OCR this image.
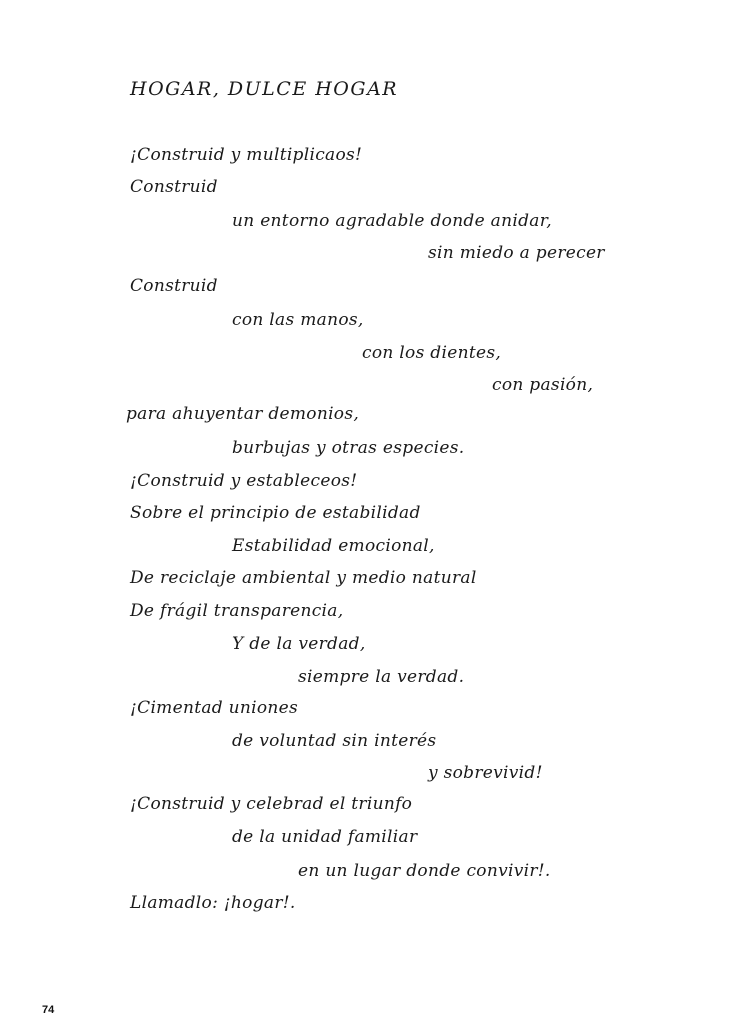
HOGAR, DULCE HOGAR
¡Construid y multiplicaos!
Construid
un entorno agradable donde anidar,
sin miedo a perecer
Construid
con las manos,
con los dientes,
con pasión,
para ahuyentar demonios,
burbujas y otras especies.
¡Construid y estableceos!
Sobre el principio de estabilidad
Estabilidad emocional,
De reciclaje ambiental y medio natural
De frágil transparencia,
Y de la verdad,
siempre la verdad.
¡Cimentad uniones
de voluntad sin interés
y sobrevivid!
¡Construid y celebrad el triunfo
de la unidad familiar
en un lugar donde convivir!.
Llamadlo: ¡hogar!.
74
